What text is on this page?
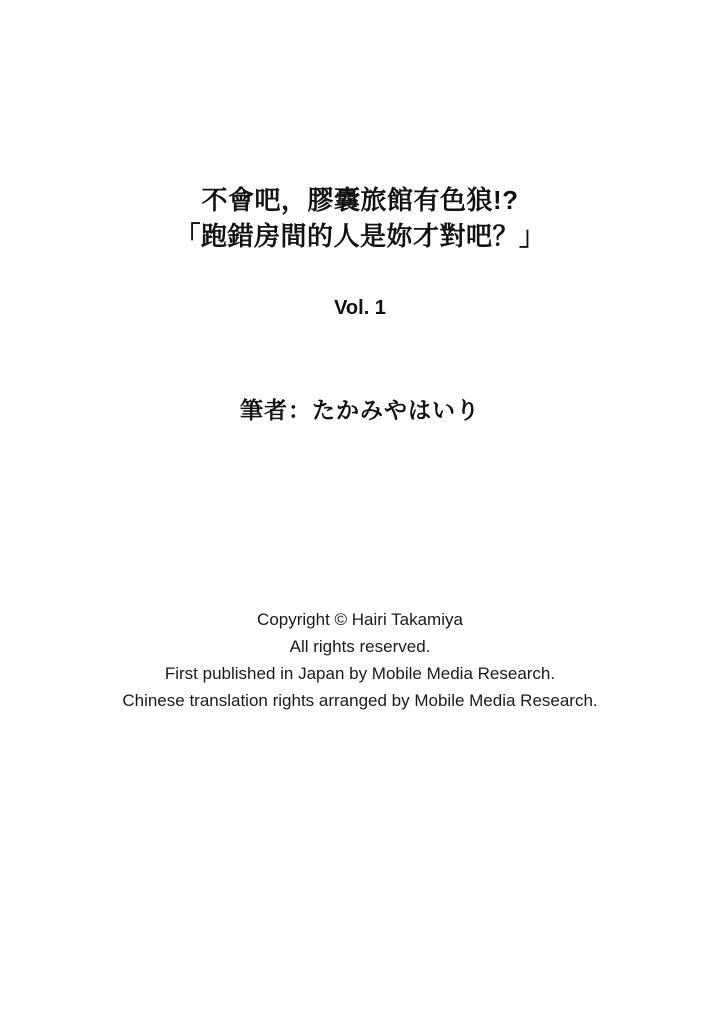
不會吧，膠囊旅館有色狼!?
「跑錯房間的人是妳才對吧？」
Vol. 1
筆者：たかみやはいり
Copyright © Hairi Takamiya
All rights reserved.
First published in Japan by Mobile Media Research.
Chinese translation rights arranged by Mobile Media Research.
